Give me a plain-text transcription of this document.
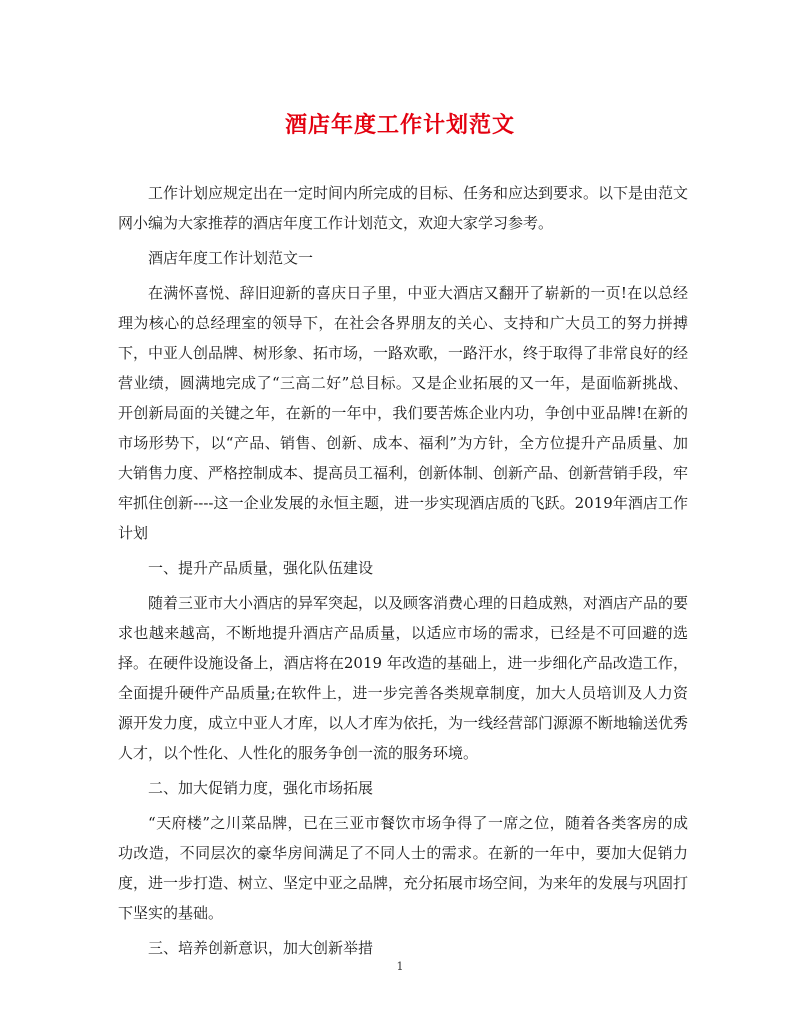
酒店年度工作计划范文

工作计划应规定出在一定时间内所完成的目标、任务和应达到要求。以下是由范文网小编为大家推荐的酒店年度工作计划范文，欢迎大家学习参考。

酒店年度工作计划范文一

在满怀喜悦、辞旧迎新的喜庆日子里，中亚大酒店又翻开了崭新的一页!在以总经理为核心的总经理室的领导下，在社会各界朋友的关心、支持和广大员工的努力拼搏下，中亚人创品牌、树形象、拓市场，一路欢歌，一路汗水，终于取得了非常良好的经营业绩，圆满地完成了“三高二好”总目标。又是企业拓展的又一年，是面临新挑战、开创新局面的关键之年，在新的一年中，我们要苦炼企业内功，争创中亚品牌!在新的市场形势下，以“产品、销售、创新、成本、福利”为方针，全方位提升产品质量、加大销售力度、严格控制成本、提高员工福利，创新体制、创新产品、创新营销手段，牢牢抓住创新----这一企业发展的永恒主题，进一步实现酒店质的飞跃。2019年酒店工作计划

一、提升产品质量，强化队伍建设

随着三亚市大小酒店的异军突起，以及顾客消费心理的日趋成熟，对酒店产品的要求也越来越高，不断地提升酒店产品质量，以适应市场的需求，已经是不可回避的选择。在硬件设施设备上，酒店将在2019 年改造的基础上，进一步细化产品改造工作，全面提升硬件产品质量;在软件上，进一步完善各类规章制度，加大人员培训及人力资源开发力度，成立中亚人才库，以人才库为依托，为一线经营部门源源不断地输送优秀人才，以个性化、人性化的服务争创一流的服务环境。

二、加大促销力度，强化市场拓展

“天府楼”之川菜品牌，已在三亚市餐饮市场争得了一席之位，随着各类客房的成功改造，不同层次的豪华房间满足了不同人士的需求。在新的一年中，要加大促销力度，进一步打造、树立、坚定中亚之品牌，充分拓展市场空间，为来年的发展与巩固打下坚实的基础。

三、培养创新意识，加大创新举措

1
